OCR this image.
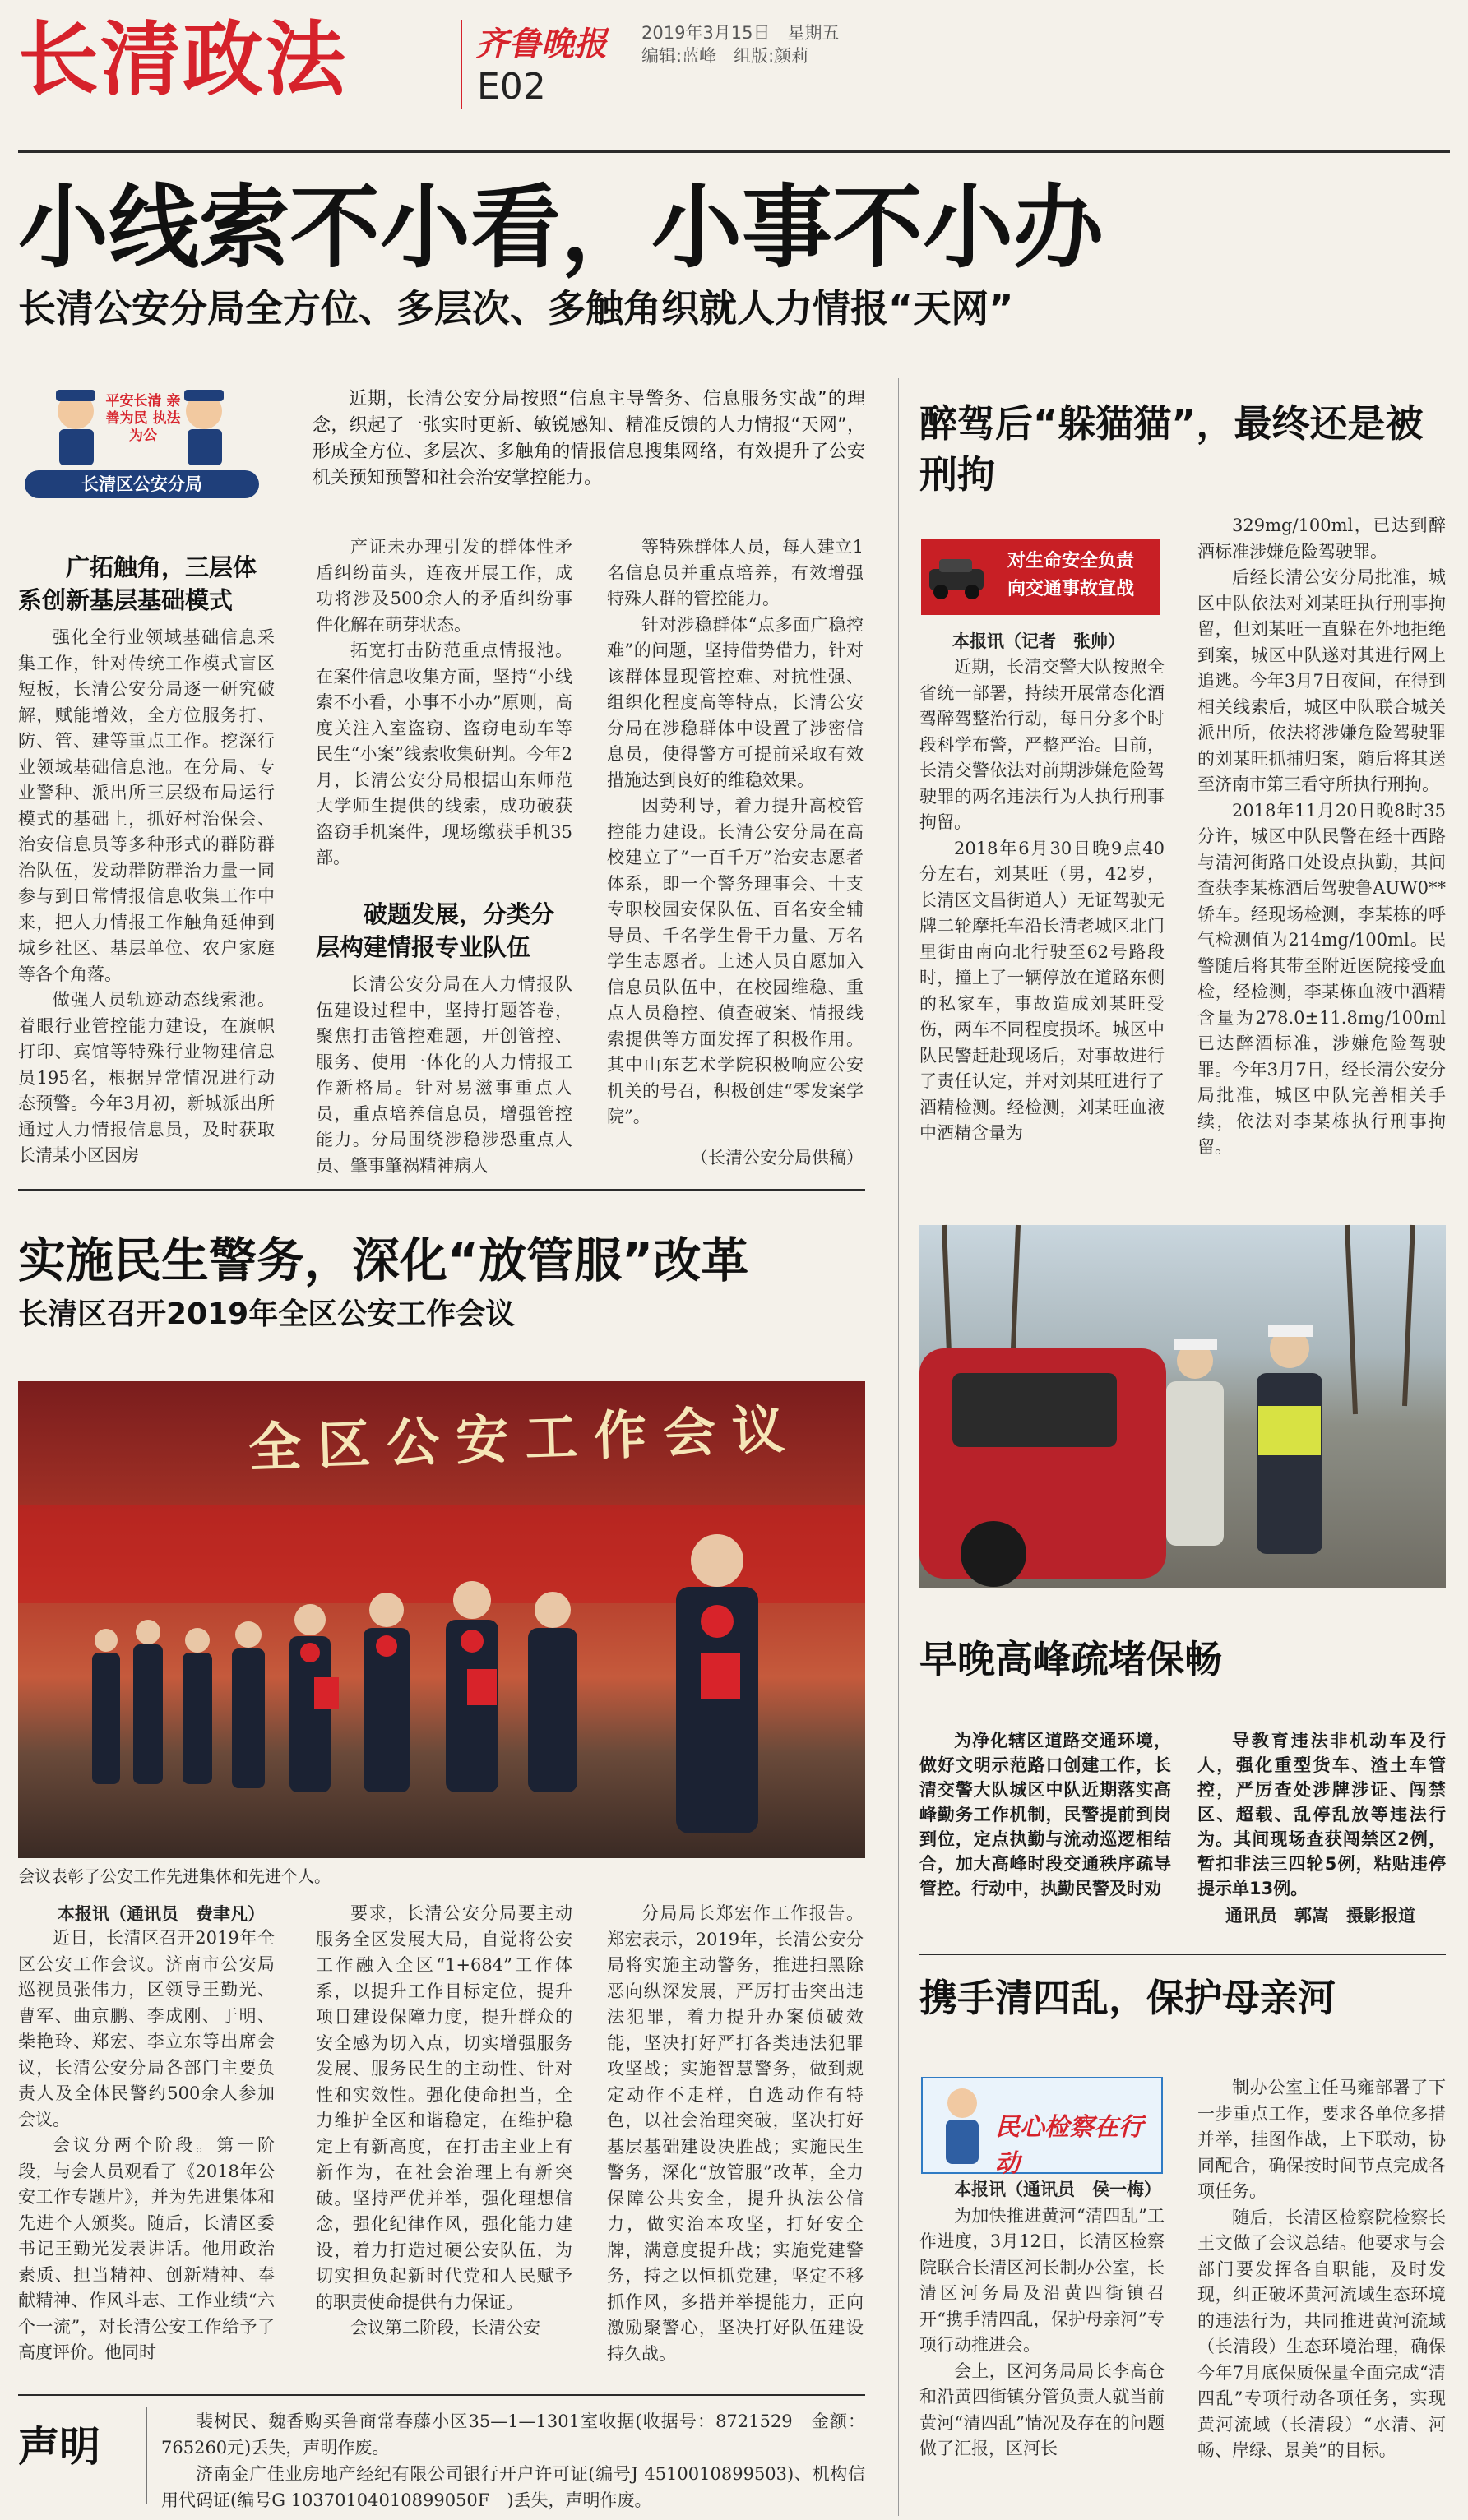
长清政法	齐鲁晚报 2019年3月15日　星期五
编辑:蓝峰　组版:颜莉
E02
小线索不小看，小事不小办
长清公安分局全方位、多层次、多触角织就人力情报“天网”
平安长清 亲善为民 执法为公
长清区公安分局

近期，长清公安分局按照“信息主导警务、信息服务实战”的理念，织起了一张实时更新、敏锐感知、精准反馈的人力情报“天网”，形成全方位、多层次、多触角的情报信息搜集网络，有效提升了公安机关预知预警和社会治安掌控能力。

广拓触角，三层体系创新基层基础模式

强化全行业领域基础信息采集工作，针对传统工作模式盲区短板，长清公安分局逐一研究破解，赋能增效，全方位服务打、防、管、建等重点工作。挖深行业领域基础信息池。在分局、专业警种、派出所三层级布局运行模式的基础上，抓好村治保会、治安信息员等多种形式的群防群治队伍，发动群防群治力量一同参与到日常情报信息收集工作中来，把人力情报工作触角延伸到城乡社区、基层单位、农户家庭等各个角落。

做强人员轨迹动态线索池。着眼行业管控能力建设，在旗帜打印、宾馆等特殊行业物建信息员195名，根据异常情况进行动态预警。今年3月初，新城派出所通过人力情报信息员，及时获取长清某小区因房

产证未办理引发的群体性矛盾纠纷苗头，连夜开展工作，成功将涉及500余人的矛盾纠纷事件化解在萌芽状态。

拓宽打击防范重点情报池。在案件信息收集方面，坚持“小线索不小看，小事不小办”原则，高度关注入室盗窃、盗窃电动车等民生“小案”线索收集研判。今年2月，长清公安分局根据山东师范大学师生提供的线索，成功破获盗窃手机案件，现场缴获手机35部。

破题发展，分类分层构建情报专业队伍

长清公安分局在人力情报队伍建设过程中，坚持打题答卷，聚焦打击管控难题，开创管控、服务、使用一体化的人力情报工作新格局。针对易滋事重点人员，重点培养信息员，增强管控能力。分局围绕涉稳涉恐重点人员、肇事肇祸精神病人

等特殊群体人员，每人建立1名信息员并重点培养，有效增强特殊人群的管控能力。

针对涉稳群体“点多面广稳控难”的问题，坚持借势借力，针对该群体显现管控难、对抗性强、组织化程度高等特点，长清公安分局在涉稳群体中设置了涉密信息员，使得警方可提前采取有效措施达到良好的维稳效果。

因势利导，着力提升高校管控能力建设。长清公安分局在高校建立了“一百千万”治安志愿者体系，即一个警务理事会、十支专职校园安保队伍、百名安全辅导员、千名学生骨干力量、万名学生志愿者。上述人员自愿加入信息员队伍中，在校园维稳、重点人员稳控、偵查破案、情报线索提供等方面发挥了积极作用。其中山东艺术学院积极响应公安机关的号召，积极创建“零发案学院”。

（长清公安分局供稿）
醉驾后“躲猫猫”，最终还是被刑拘
对生命安全负责　向交通事故宣战
本报讯（记者　张帅）

近期，长清交警大队按照全省统一部署，持续开展常态化酒驾醉驾整治行动，每日分多个时段科学布警，严整严治。目前，长清交警依法对前期涉嫌危险驾驶罪的两名违法行为人执行刑事拘留。

2018年6月30日晚9点40分左右，刘某旺（男，42岁，长清区文昌街道人）无证驾驶无牌二轮摩托车沿长清老城区北门里街由南向北行驶至62号路段时，撞上了一辆停放在道路东侧的私家车，事故造成刘某旺受伤，两车不同程度损坏。城区中队民警赶赴现场后，对事故进行了责任认定，并对刘某旺进行了酒精检测。经检测，刘某旺血液中酒精含量为

329mg/100ml，已达到醉酒标准涉嫌危险驾驶罪。

后经长清公安分局批准，城区中队依法对刘某旺执行刑事拘留，但刘某旺一直躲在外地拒绝到案，城区中队遂对其进行网上追逃。今年3月7日夜间，在得到相关线索后，城区中队联合城关派出所，依法将涉嫌危险驾驶罪的刘某旺抓捕归案，随后将其送至济南市第三看守所执行刑拘。

2018年11月20日晚8时35分许，城区中队民警在经十西路与清河街路口处设点执勤，其间查获李某栋酒后驾驶鲁AUW0**轿车。经现场检测，李某栋的呼气检测值为214mg/100ml。民警随后将其带至附近医院接受血检，经检测，李某栋血液中酒精含量为278.0±11.8mg/100ml已达醉酒标准，涉嫌危险驾驶罪。今年3月7日，经长清公安分局批准，城区中队完善相关手续，依法对李某栋执行刑事拘留。

实施民生警务，深化“放管服”改革
长清区召开2019年全区公安工作会议
全区公安工作会议
会议表彰了公安工作先进集体和先进个人。
本报讯（通讯员　费聿凡）

近日，长清区召开2019年全区公安工作会议。济南市公安局巡视员张伟力，区领导王勤光、曹军、曲京鹏、李成刚、于明、柴艳玲、郑宏、李立东等出席会议，长清公安分局各部门主要负责人及全体民警约500余人参加会议。

会议分两个阶段。第一阶段，与会人员观看了《2018年公安工作专题片》，并为先进集体和先进个人颁奖。随后，长清区委书记王勤光发表讲话。他用政治素质、担当精神、创新精神、奉献精神、作风斗志、工作业绩“六个一流”，对长清公安工作给予了高度评价。他同时

要求，长清公安分局要主动服务全区发展大局，自觉将公安工作融入全区“1+684”工作体系，以提升工作目标定位，提升项目建设保障力度，提升群众的安全感为切入点，切实增强服务发展、服务民生的主动性、针对性和实效性。强化使命担当，全力维护全区和谐稳定，在维护稳定上有新高度，在打击主业上有新作为，在社会治理上有新突破。坚持严优并举，强化理想信念，强化纪律作风，强化能力建设，着力打造过硬公安队伍，为切实担负起新时代党和人民赋予的职责使命提供有力保证。

会议第二阶段，长清公安

分局局长郑宏作工作报告。郑宏表示，2019年，长清公安分局将实施主动警务，推进扫黑除恶向纵深发展，严厉打击突出违法犯罪，着力提升办案侦破效能，坚决打好严打各类违法犯罪攻坚战；实施智慧警务，做到规定动作不走样，自选动作有特色，以社会治理突破，坚决打好基层基础建设决胜战；实施民生警务，深化“放管服”改革，全力保障公共安全，提升执法公信力，做实治本攻坚，打好安全牌，满意度提升战；实施党建警务，持之以恒抓党建，坚定不移抓作风，多措并举提能力，正向激励聚警心，坚决打好队伍建设持久战。

早晚高峰疏堵保畅

为净化辖区道路交通环境，做好文明示范路口创建工作，长清交警大队城区中队近期落实高峰勤务工作机制，民警提前到岗到位，定点执勤与流动巡逻相结合，加大高峰时段交通秩序疏导管控。行动中，执勤民警及时劝

导教育违法非机动车及行人，强化重型货车、渣土车管控，严厉查处涉牌涉证、闯禁区、超载、乱停乱放等违法行为。其间现场查获闯禁区2例，暂扣非法三四轮5例，粘贴违停提示单13例。

通讯员　郭嵩　摄影报道
携手清四乱，保护母亲河
民心检察在行动

本报讯（通讯员　侯一梅）

为加快推进黄河“清四乱”工作进度，3月12日，长清区检察院联合长清区河长制办公室，长清区河务局及沿黄四街镇召开“携手清四乱，保护母亲河”专项行动推进会。

会上，区河务局局长李高仓和沿黄四街镇分管负责人就当前黄河“清四乱”情况及存在的问题做了汇报，区河长

制办公室主任马雍部署了下一步重点工作，要求各单位多措并举，挂图作战，上下联动，协同配合，确保按时间节点完成各项任务。

随后，长清区检察院检察长王文做了会议总结。他要求与会部门要发挥各自职能，及时发现，纠正破坏黄河流域生态环境的违法行为，共同推进黄河流域（长清段）生态环境治理，确保今年7月底保质保量全面完成“清四乱”专项行动各项任务，实现黄河流域（长清段）“水清、河畅、岸绿、景美”的目标。

声明

裴树民、魏香购买鲁商常春藤小区35—1—1301室收据(收据号：8721529　金额：765260元)丢失，声明作废。

济南金广佳业房地产经纪有限公司银行开户许可证(编号J 4510010899503)、机构信用代码证(编号G 10370104010899050F　)丢失，声明作废。
